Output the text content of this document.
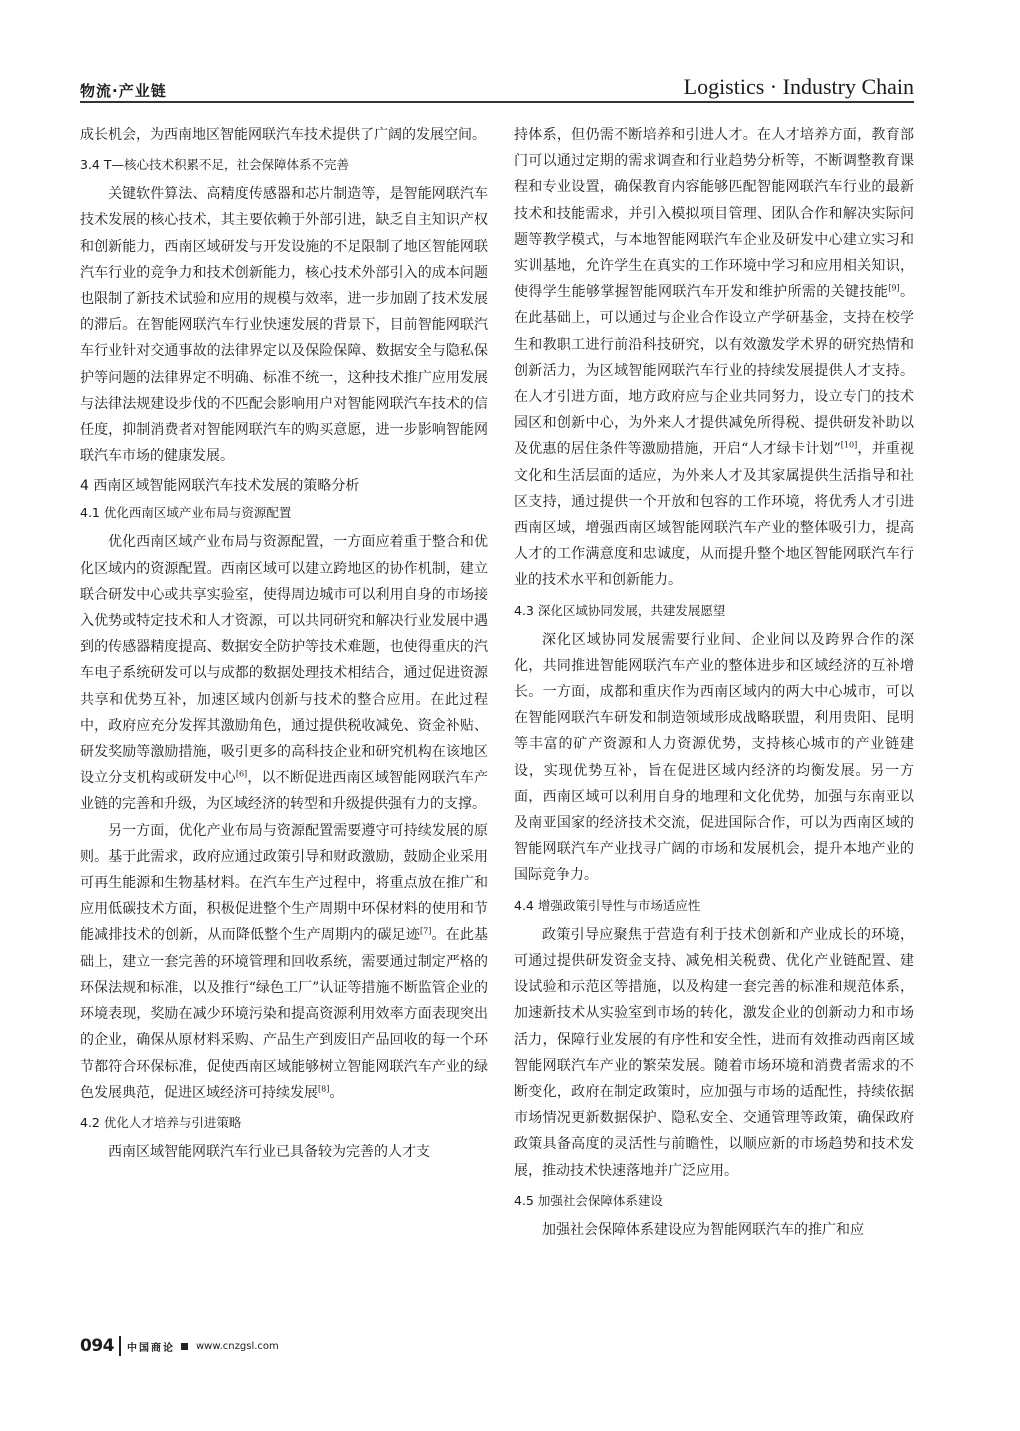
物流·产业链	Logistics · Industry Chain

成长机会，为西南地区智能网联汽车技术提供了广阔的发展空间。

3.4 T—核心技术积累不足，社会保障体系不完善

关键软件算法、高精度传感器和芯片制造等，是智能网联汽车技术发展的核心技术，其主要依赖于外部引进，缺乏自主知识产权和创新能力，西南区域研发与开发设施的不足限制了地区智能网联汽车行业的竞争力和技术创新能力，核心技术外部引入的成本问题也限制了新技术试验和应用的规模与效率，进一步加剧了技术发展的滞后。在智能网联汽车行业快速发展的背景下，目前智能网联汽车行业针对交通事故的法律界定以及保险保障、数据安全与隐私保护等问题的法律界定不明确、标准不统一，这种技术推广应用发展与法律法规建设步伐的不匹配会影响用户对智能网联汽车技术的信任度，抑制消费者对智能网联汽车的购买意愿，进一步影响智能网联汽车市场的健康发展。

4 西南区域智能网联汽车技术发展的策略分析
4.1 优化西南区域产业布局与资源配置

优化西南区域产业布局与资源配置，一方面应着重于整合和优化区域内的资源配置。西南区域可以建立跨地区的协作机制，建立联合研发中心或共享实验室，使得周边城市可以利用自身的市场接入优势或特定技术和人才资源，可以共同研究和解决行业发展中遇到的传感器精度提高、数据安全防护等技术难题，也使得重庆的汽车电子系统研发可以与成都的数据处理技术相结合，通过促进资源共享和优势互补，加速区域内创新与技术的整合应用。在此过程中，政府应充分发挥其激励角色，通过提供税收减免、资金补贴、研发奖励等激励措施，吸引更多的高科技企业和研究机构在该地区设立分支机构或研发中心[6]，以不断促进西南区域智能网联汽车产业链的完善和升级，为区域经济的转型和升级提供强有力的支撑。

另一方面，优化产业布局与资源配置需要遵守可持续发展的原则。基于此需求，政府应通过政策引导和财政激励，鼓励企业采用可再生能源和生物基材料。在汽车生产过程中，将重点放在推广和应用低碳技术方面，积极促进整个生产周期中环保材料的使用和节能减排技术的创新，从而降低整个生产周期内的碳足迹[7]。在此基础上，建立一套完善的环境管理和回收系统，需要通过制定严格的环保法规和标准，以及推行“绿色工厂”认证等措施不断监管企业的环境表现，奖励在减少环境污染和提高资源利用效率方面表现突出的企业，确保从原材料采购、产品生产到废旧产品回收的每一个环节都符合环保标准，促使西南区域能够树立智能网联汽车产业的绿色发展典范，促进区域经济可持续发展[8]。

4.2 优化人才培养与引进策略

西南区域智能网联汽车行业已具备较为完善的人才支

持体系，但仍需不断培养和引进人才。在人才培养方面，教育部门可以通过定期的需求调查和行业趋势分析等，不断调整教育课程和专业设置，确保教育内容能够匹配智能网联汽车行业的最新技术和技能需求，并引入模拟项目管理、团队合作和解决实际问题等教学模式，与本地智能网联汽车企业及研发中心建立实习和实训基地，允许学生在真实的工作环境中学习和应用相关知识，使得学生能够掌握智能网联汽车开发和维护所需的关键技能[9]。在此基础上，可以通过与企业合作设立产学研基金，支持在校学生和教职工进行前沿科技研究，以有效激发学术界的研究热情和创新活力，为区域智能网联汽车行业的持续发展提供人才支持。在人才引进方面，地方政府应与企业共同努力，设立专门的技术园区和创新中心，为外来人才提供减免所得税、提供研发补助以及优惠的居住条件等激励措施，开启“人才绿卡计划”[10]，并重视文化和生活层面的适应，为外来人才及其家属提供生活指导和社区支持，通过提供一个开放和包容的工作环境，将优秀人才引进西南区域，增强西南区域智能网联汽车产业的整体吸引力，提高人才的工作满意度和忠诚度，从而提升整个地区智能网联汽车行业的技术水平和创新能力。

4.3 深化区域协同发展，共建发展愿望

深化区域协同发展需要行业间、企业间以及跨界合作的深化，共同推进智能网联汽车产业的整体进步和区域经济的互补增长。一方面，成都和重庆作为西南区域内的两大中心城市，可以在智能网联汽车研发和制造领域形成战略联盟，利用贵阳、昆明等丰富的矿产资源和人力资源优势，支持核心城市的产业链建设，实现优势互补，旨在促进区域内经济的均衡发展。另一方面，西南区域可以利用自身的地理和文化优势，加强与东南亚以及南亚国家的经济技术交流，促进国际合作，可以为西南区域的智能网联汽车产业找寻广阔的市场和发展机会，提升本地产业的国际竞争力。

4.4 增强政策引导性与市场适应性

政策引导应聚焦于营造有利于技术创新和产业成长的环境，可通过提供研发资金支持、减免相关税费、优化产业链配置、建设试验和示范区等措施，以及构建一套完善的标准和规范体系，加速新技术从实验室到市场的转化，激发企业的创新动力和市场活力，保障行业发展的有序性和安全性，进而有效推动西南区域智能网联汽车产业的繁荣发展。随着市场环境和消费者需求的不断变化，政府在制定政策时，应加强与市场的适配性，持续依据市场情况更新数据保护、隐私安全、交通管理等政策，确保政府政策具备高度的灵活性与前瞻性，以顺应新的市场趋势和技术发展，推动技术快速落地并广泛应用。

4.5 加强社会保障体系建设

加强社会保障体系建设应为智能网联汽车的推广和应

094 中国商论 www.cnzgsl.com
